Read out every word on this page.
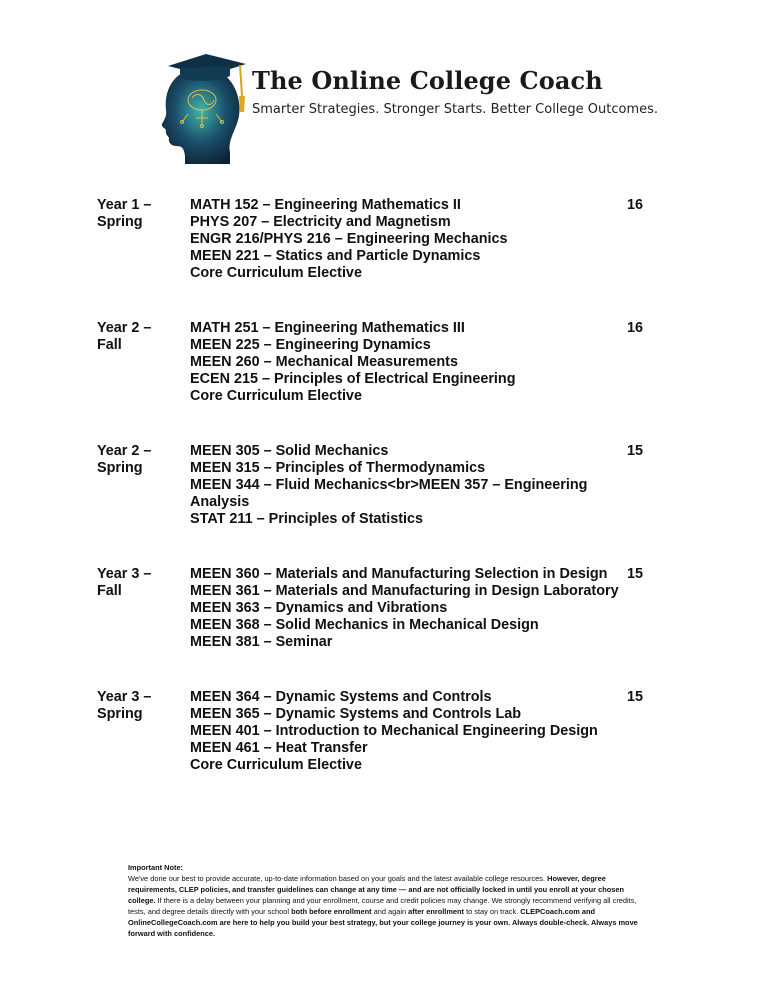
The Online College Coach
Smarter Strategies. Stronger Starts. Better College Outcomes.
Year 1 –
Spring
MATH 152 – Engineering Mathematics II
PHYS 207 – Electricity and Magnetism
ENGR 216/PHYS 216 – Engineering Mechanics
MEEN 221 – Statics and Particle Dynamics
Core Curriculum Elective
16
Year 2 –
Fall
MATH 251 – Engineering Mathematics III
MEEN 225 – Engineering Dynamics
MEEN 260 – Mechanical Measurements
ECEN 215 – Principles of Electrical Engineering
Core Curriculum Elective
16
Year 2 –
Spring
MEEN 305 – Solid Mechanics
MEEN 315 – Principles of Thermodynamics
MEEN 344 – Fluid Mechanics<br>MEEN 357 – Engineering Analysis
STAT 211 – Principles of Statistics
15
Year 3 –
Fall
MEEN 360 – Materials and Manufacturing Selection in Design
MEEN 361 – Materials and Manufacturing in Design Laboratory
MEEN 363 – Dynamics and Vibrations
MEEN 368 – Solid Mechanics in Mechanical Design
MEEN 381 – Seminar
15
Year 3 –
Spring
MEEN 364 – Dynamic Systems and Controls
MEEN 365 – Dynamic Systems and Controls Lab
MEEN 401 – Introduction to Mechanical Engineering Design
MEEN 461 – Heat Transfer
Core Curriculum Elective
15
Important Note:
We've done our best to provide accurate, up-to-date information based on your goals and the latest available college resources. However, degree requirements, CLEP policies, and transfer guidelines can change at any time — and are not officially locked in until you enroll at your chosen college. If there is a delay between your planning and your enrollment, course and credit policies may change. We strongly recommend verifying all credits, tests, and degree details directly with your school both before enrollment and again after enrollment to stay on track. CLEPCoach.com and OnlineCollegeCoach.com are here to help you build your best strategy, but your college journey is your own. Always double-check. Always move forward with confidence.
